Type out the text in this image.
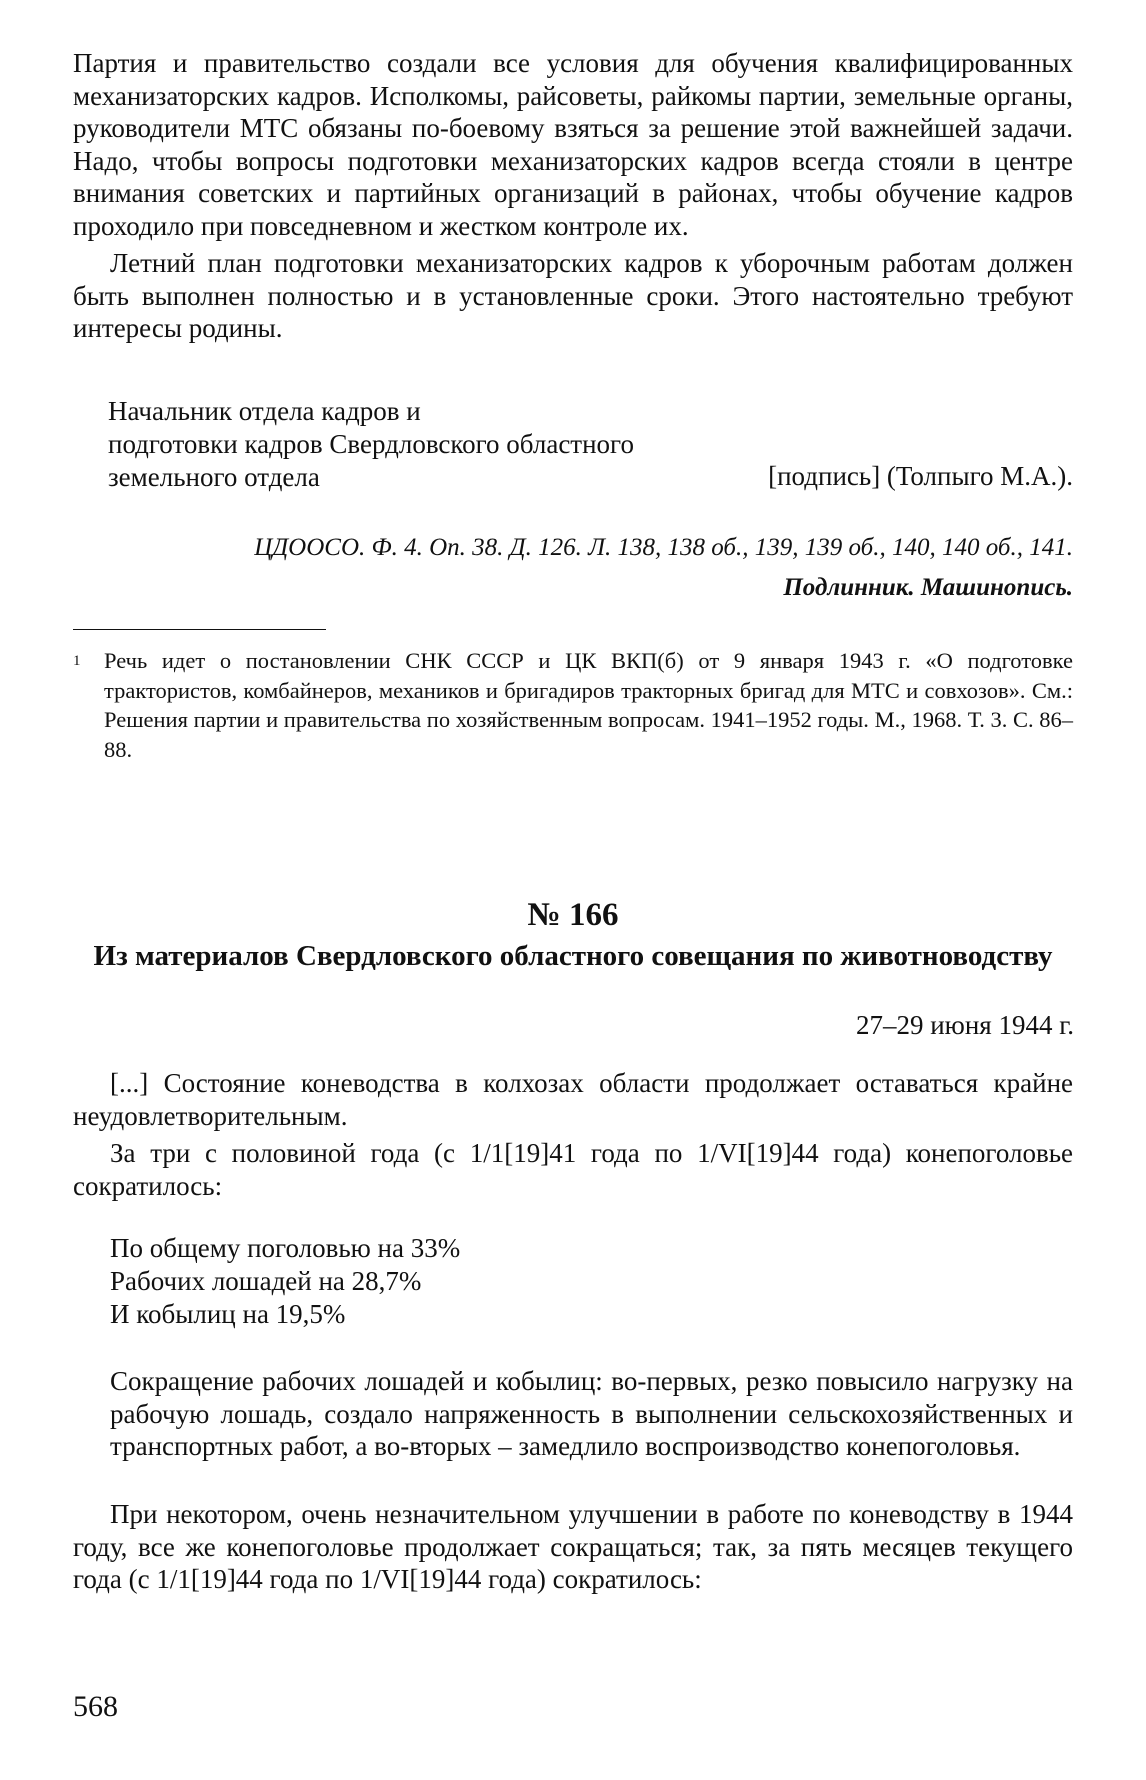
Партия и правительство создали все условия для обучения квалифицированных механизаторских кадров. Исполкомы, райсоветы, райкомы партии, земельные органы, руководители МТС обязаны по-боевому взяться за решение этой важнейшей задачи. Надо, чтобы вопросы подготовки механизаторских кадров всегда стояли в центре внимания советских и партийных организаций в районах, чтобы обучение кадров проходило при повседневном и жестком контроле их.

Летний план подготовки механизаторских кадров к уборочным работам должен быть выполнен полностью и в установленные сроки. Этого настоятельно требуют интересы родины.

Начальник отдела кадров и
подготовки кадров Свердловского областного
земельного отдела	[подпись] (Толпыго М.А.).
ЦДООСО. Ф. 4. Оп. 38. Д. 126. Л. 138, 138 об., 139, 139 об., 140, 140 об., 141.
Подлинник. Машинопись.
1 Речь идет о постановлении СНК СССР и ЦК ВКП(б) от 9 января 1943 г. «О подготовке трактористов, комбайнеров, механиков и бригадиров тракторных бригад для МТС и совхозов». См.: Решения партии и правительства по хозяйственным вопросам. 1941–1952 годы. М., 1968. Т. 3. С. 86–88.

№ 166
Из материалов Свердловского областного совещания по животноводству
27–29 июня 1944 г.

[...] Состояние коневодства в колхозах области продолжает оставаться крайне неудовлетворительным.

За три с половиной года (с 1/1[19]41 года по 1/VI[19]44 года) конепоголовье сократилось:

По общему поголовью на 33%
Рабочих лошадей на 28,7%
И кобылиц на 19,5%

Сокращение рабочих лошадей и кобылиц: во-первых, резко повысило нагрузку на рабочую лошадь, создало напряженность в выполнении сельскохозяйственных и транспортных работ, а во-вторых – замедлило воспроизводство конепоголовья.

При некотором, очень незначительном улучшении в работе по коневодству в 1944 году, все же конепоголовье продолжает сокращаться; так, за пять месяцев текущего года (с 1/1[19]44 года по 1/VI[19]44 года) сократилось:

568
